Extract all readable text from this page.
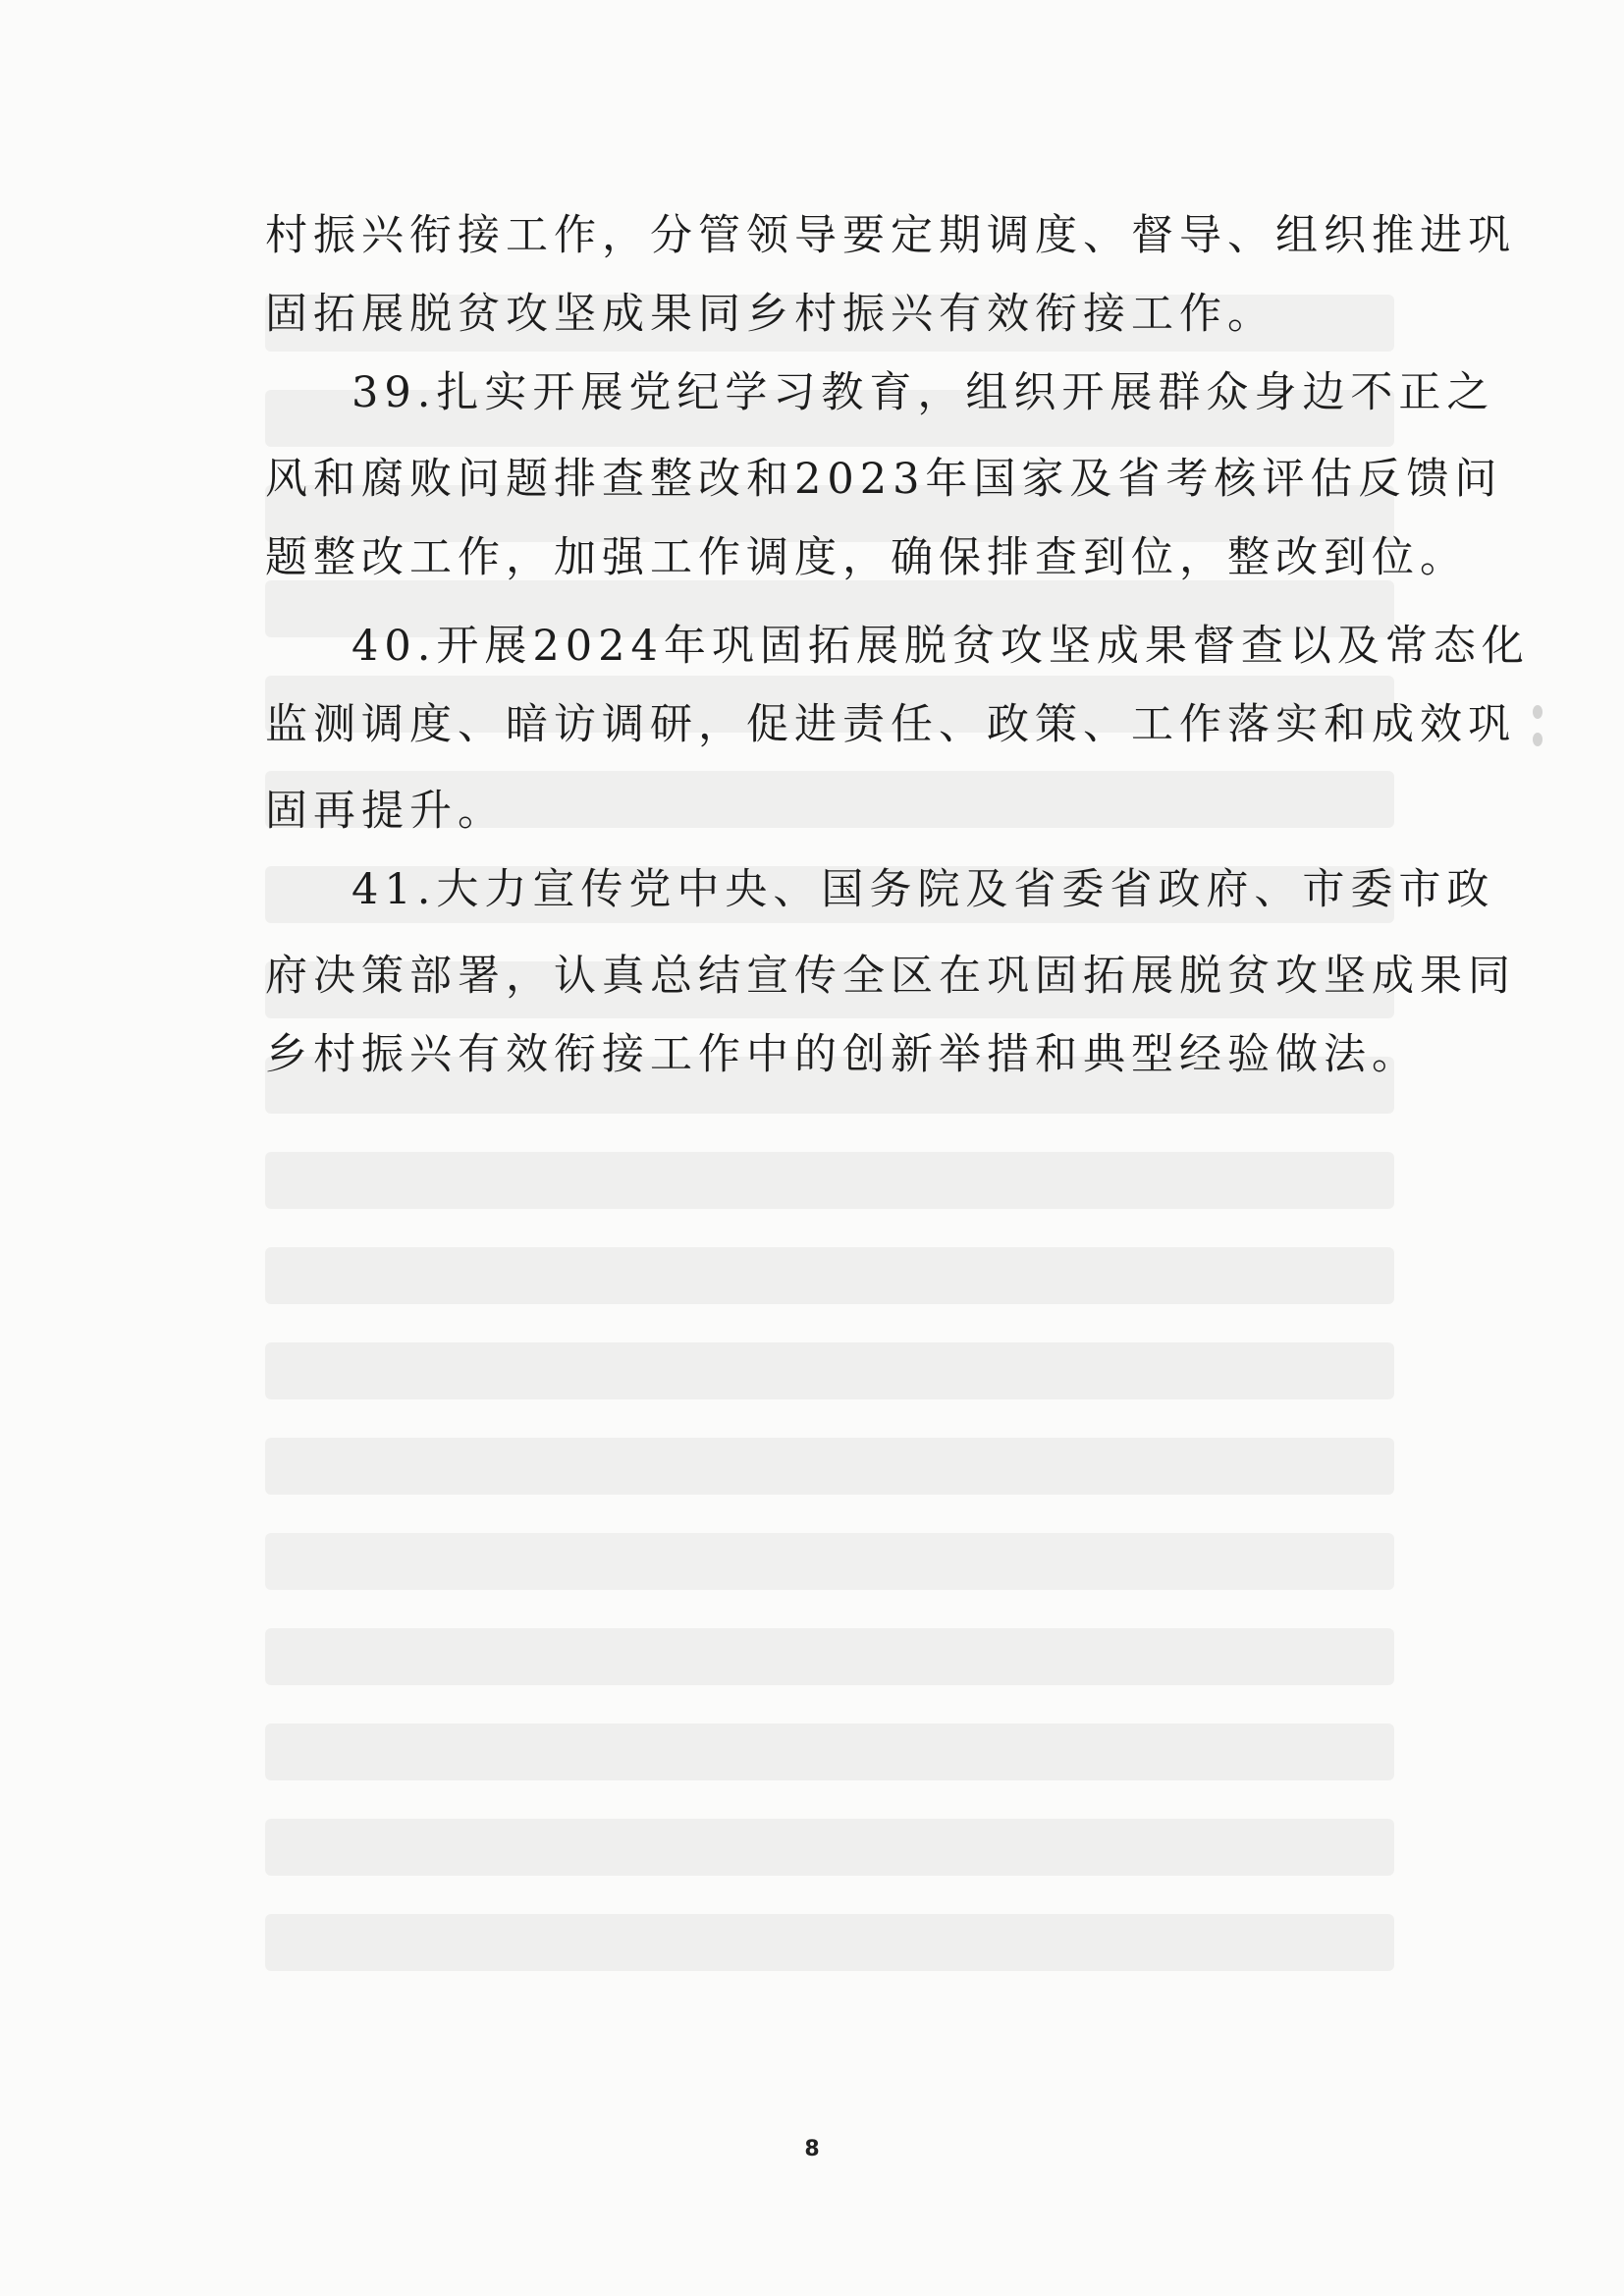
村振兴衔接工作，分管领导要定期调度、督导、组织推进巩
固拓展脱贫攻坚成果同乡村振兴有效衔接工作。
39.扎实开展党纪学习教育，组织开展群众身边不正之
风和腐败问题排查整改和2023年国家及省考核评估反馈问
题整改工作，加强工作调度，确保排查到位，整改到位。
40.开展2024年巩固拓展脱贫攻坚成果督查以及常态化
监测调度、暗访调研，促进责任、政策、工作落实和成效巩
固再提升。
41.大力宣传党中央、国务院及省委省政府、市委市政
府决策部署，认真总结宣传全区在巩固拓展脱贫攻坚成果同
乡村振兴有效衔接工作中的创新举措和典型经验做法。
8
